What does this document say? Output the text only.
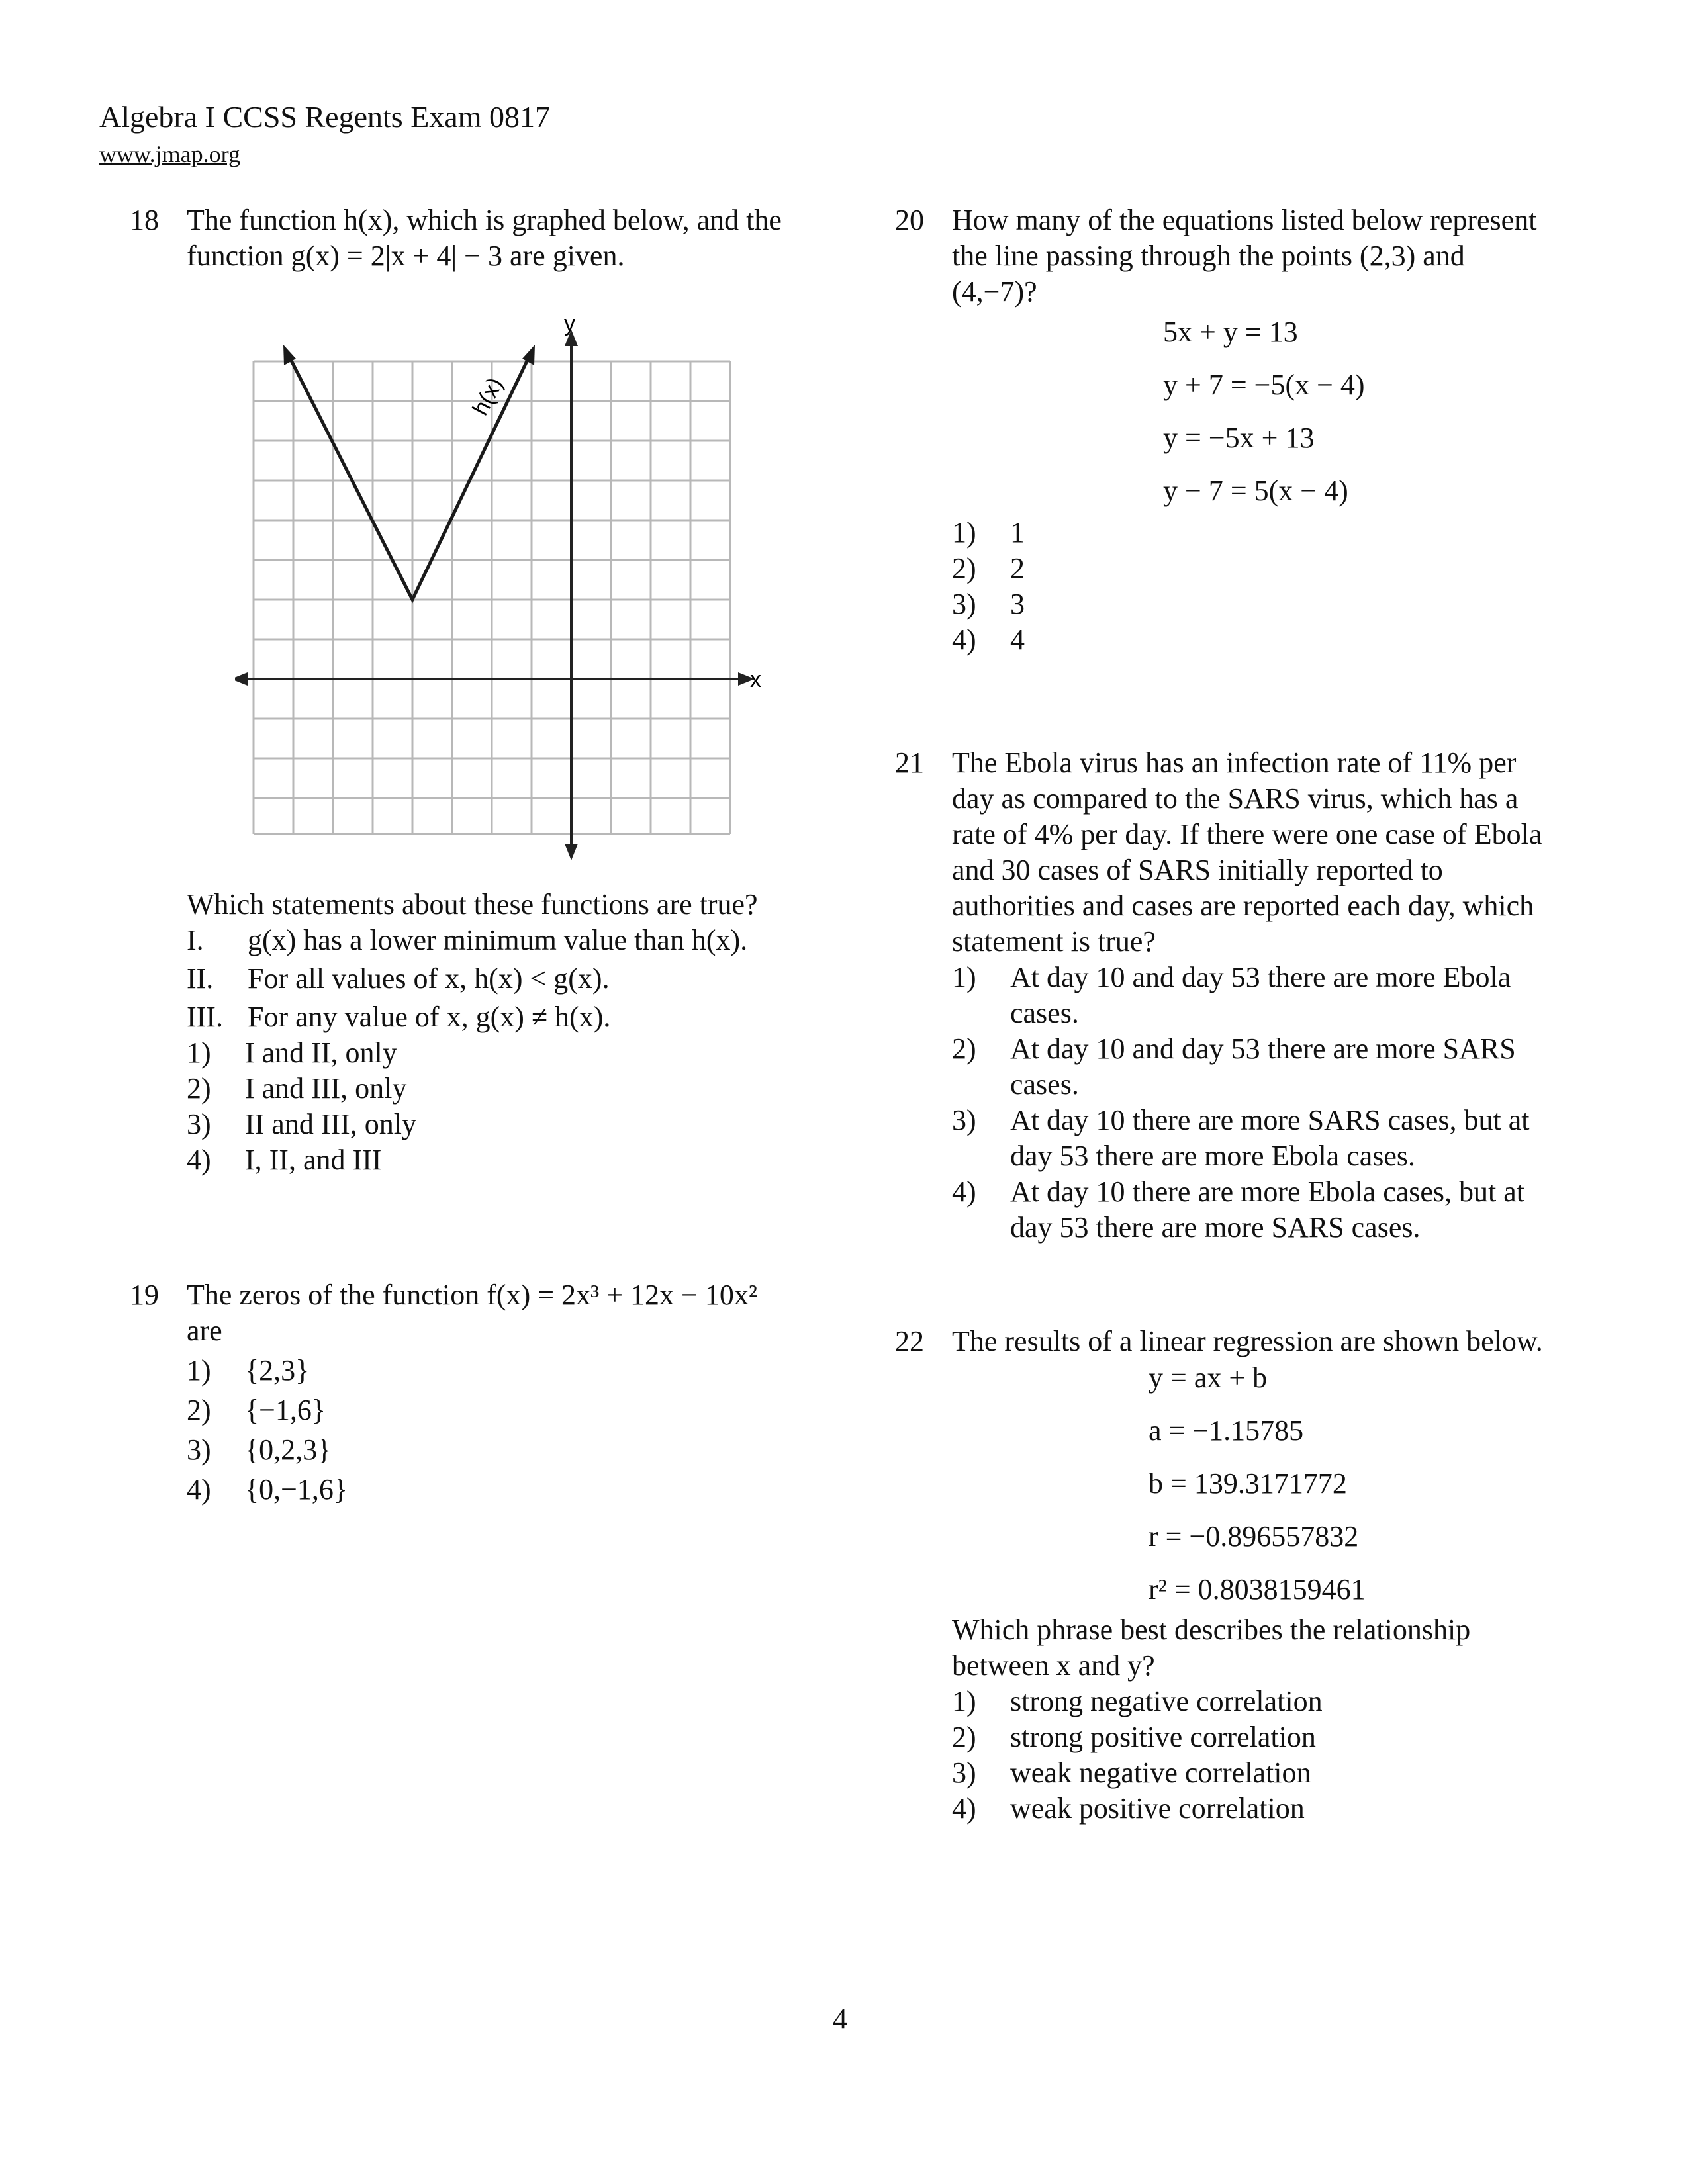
Algebra I CCSS Regents Exam 0817
www.jmap.org
18 The function h(x), which is graphed below, and the
function g(x) = 2|x + 4| − 3 are given.
y
x
h(x)
Which statements about these functions are true?
I. g(x) has a lower minimum value than h(x).
II. For all values of x, h(x) < g(x).
III. For any value of x, g(x) ≠ h(x).
1) I and II, only
2) I and III, only
3) II and III, only
4) I, II, and III
19 The zeros of the function f(x) = 2x³ + 12x − 10x²
are
1) {2,3}
2) {−1,6}
3) {0,2,3}
4) {0,−1,6}
20 How many of the equations listed below represent
the line passing through the points (2,3) and
(4,−7)?
5x + y = 13
y + 7 = −5(x − 4)
y = −5x + 13
y − 7 = 5(x − 4)
1) 1
2) 2
3) 3
4) 4
21 The Ebola virus has an infection rate of 11% per
day as compared to the SARS virus, which has a
rate of 4% per day. If there were one case of Ebola
and 30 cases of SARS initially reported to
authorities and cases are reported each day, which
statement is true?
1) At day 10 and day 53 there are more Ebola
cases.
2) At day 10 and day 53 there are more SARS
cases.
3) At day 10 there are more SARS cases, but at
day 53 there are more Ebola cases.
4) At day 10 there are more Ebola cases, but at
day 53 there are more SARS cases.
22 The results of a linear regression are shown below.
y = ax + b
a = −1.15785
b = 139.3171772
r = −0.896557832
r² = 0.8038159461
Which phrase best describes the relationship
between x and y?
1) strong negative correlation
2) strong positive correlation
3) weak negative correlation
4) weak positive correlation
4
